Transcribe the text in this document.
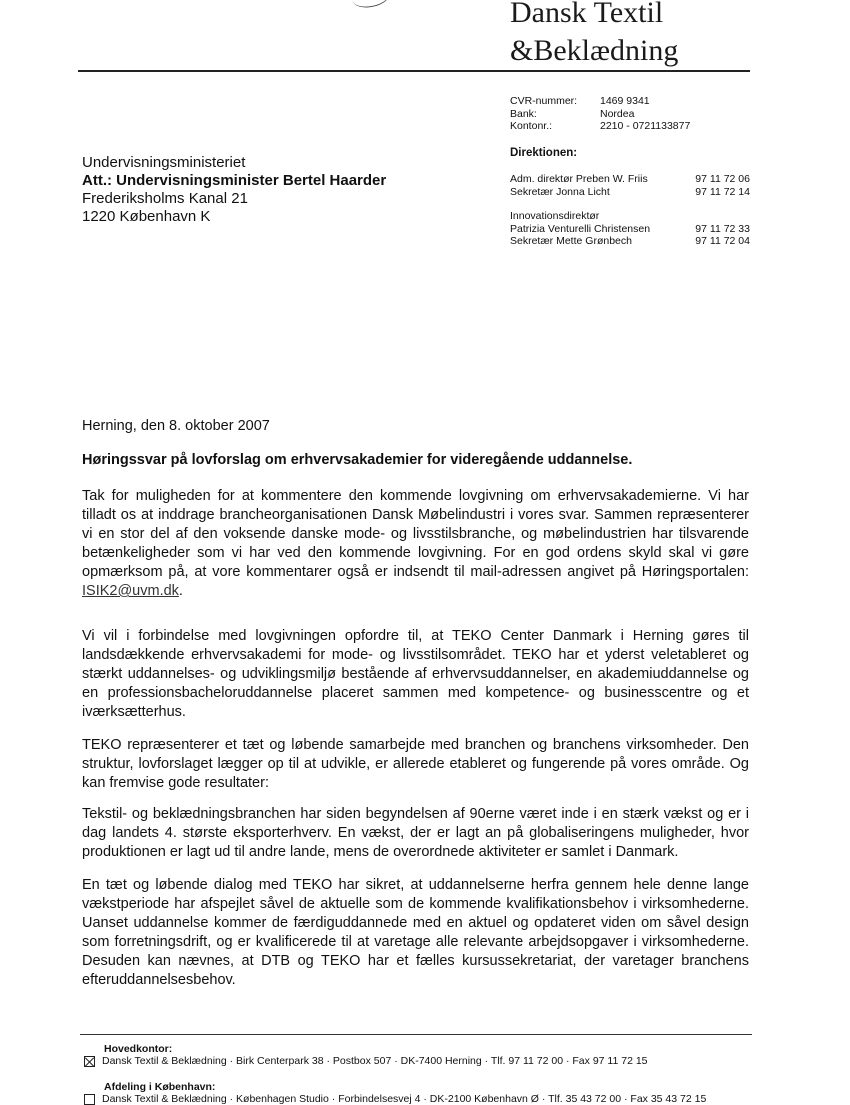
Dansk Textil
&Beklædning
CVR-nummer:	1469 9341
Bank:	Nordea
Kontonr.:	2210 - 0721133877
Direktionen:
Adm. direktør Preben W. Friis	97 11 72 06
Sekretær Jonna Licht	97 11 72 14
Innovationsdirektør
Patrizia Venturelli Christensen	97 11 72 33
Sekretær Mette Grønbech	97 11 72 04
Undervisningsministeriet
Att.: Undervisningsminister Bertel Haarder
Frederiksholms Kanal 21
1220 København K
Herning, den 8. oktober 2007
Høringssvar på lovforslag om erhvervsakademier for videregående uddannelse.

Tak for muligheden for at kommentere den kommende lovgivning om erhvervsakademierne. Vi har tilladt os at inddrage brancheorganisationen Dansk Møbelindustri i vores svar. Sammen repræsenterer vi en stor del af den voksende danske mode- og livsstilsbranche, og møbelindustrien har tilsvarende betænkeligheder som vi har ved den kommende lovgivning. For en god ordens skyld skal vi gøre opmærksom på, at vore kommentarer også er indsendt til mail-adressen angivet på Høringsportalen: ISIK2@uvm.dk.

Vi vil i forbindelse med lovgivningen opfordre til, at TEKO Center Danmark i Herning gøres til landsdækkende erhvervsakademi for mode- og livsstilsområdet. TEKO har et yderst veletableret og stærkt uddannelses- og udviklingsmiljø bestående af erhvervsuddannelser, en akademiuddannelse og en professionsbacheloruddannelse placeret sammen med kompetence- og businesscentre og et iværksætterhus.

TEKO repræsenterer et tæt og løbende samarbejde med branchen og branchens virksomheder. Den struktur, lovforslaget lægger op til at udvikle, er allerede etableret og fungerende på vores område. Og kan fremvise gode resultater:

Tekstil- og beklædningsbranchen har siden begyndelsen af 90erne været inde i en stærk vækst og er i dag landets 4. største eksporterhverv. En vækst, der er lagt an på globaliseringens muligheder, hvor produktionen er lagt ud til andre lande, mens de overordnede aktiviteter er samlet i Danmark.

En tæt og løbende dialog med TEKO har sikret, at uddannelserne herfra gennem hele denne lange vækstperiode har afspejlet såvel de aktuelle som de kommende kvalifikationsbehov i virksomhederne. Uanset uddannelse kommer de færdiguddannede med en aktuel og opdateret viden om såvel design som forretningsdrift, og er kvalificerede til at varetage alle relevante arbejdsopgaver i virksomhederne. Desuden kan nævnes, at DTB og TEKO har et fælles kursussekretariat, der varetager branchens efteruddannelsesbehov.

Hovedkontor:
Dansk Textil & Beklædning · Birk Centerpark 38 · Postbox 507 · DK-7400 Herning · Tlf. 97 11 72 00 · Fax 97 11 72 15
Afdeling i København:
Dansk Textil & Beklædning · Københagen Studio · Forbindelsesvej 4 · DK-2100 København Ø · Tlf. 35 43 72 00 · Fax 35 43 72 15
